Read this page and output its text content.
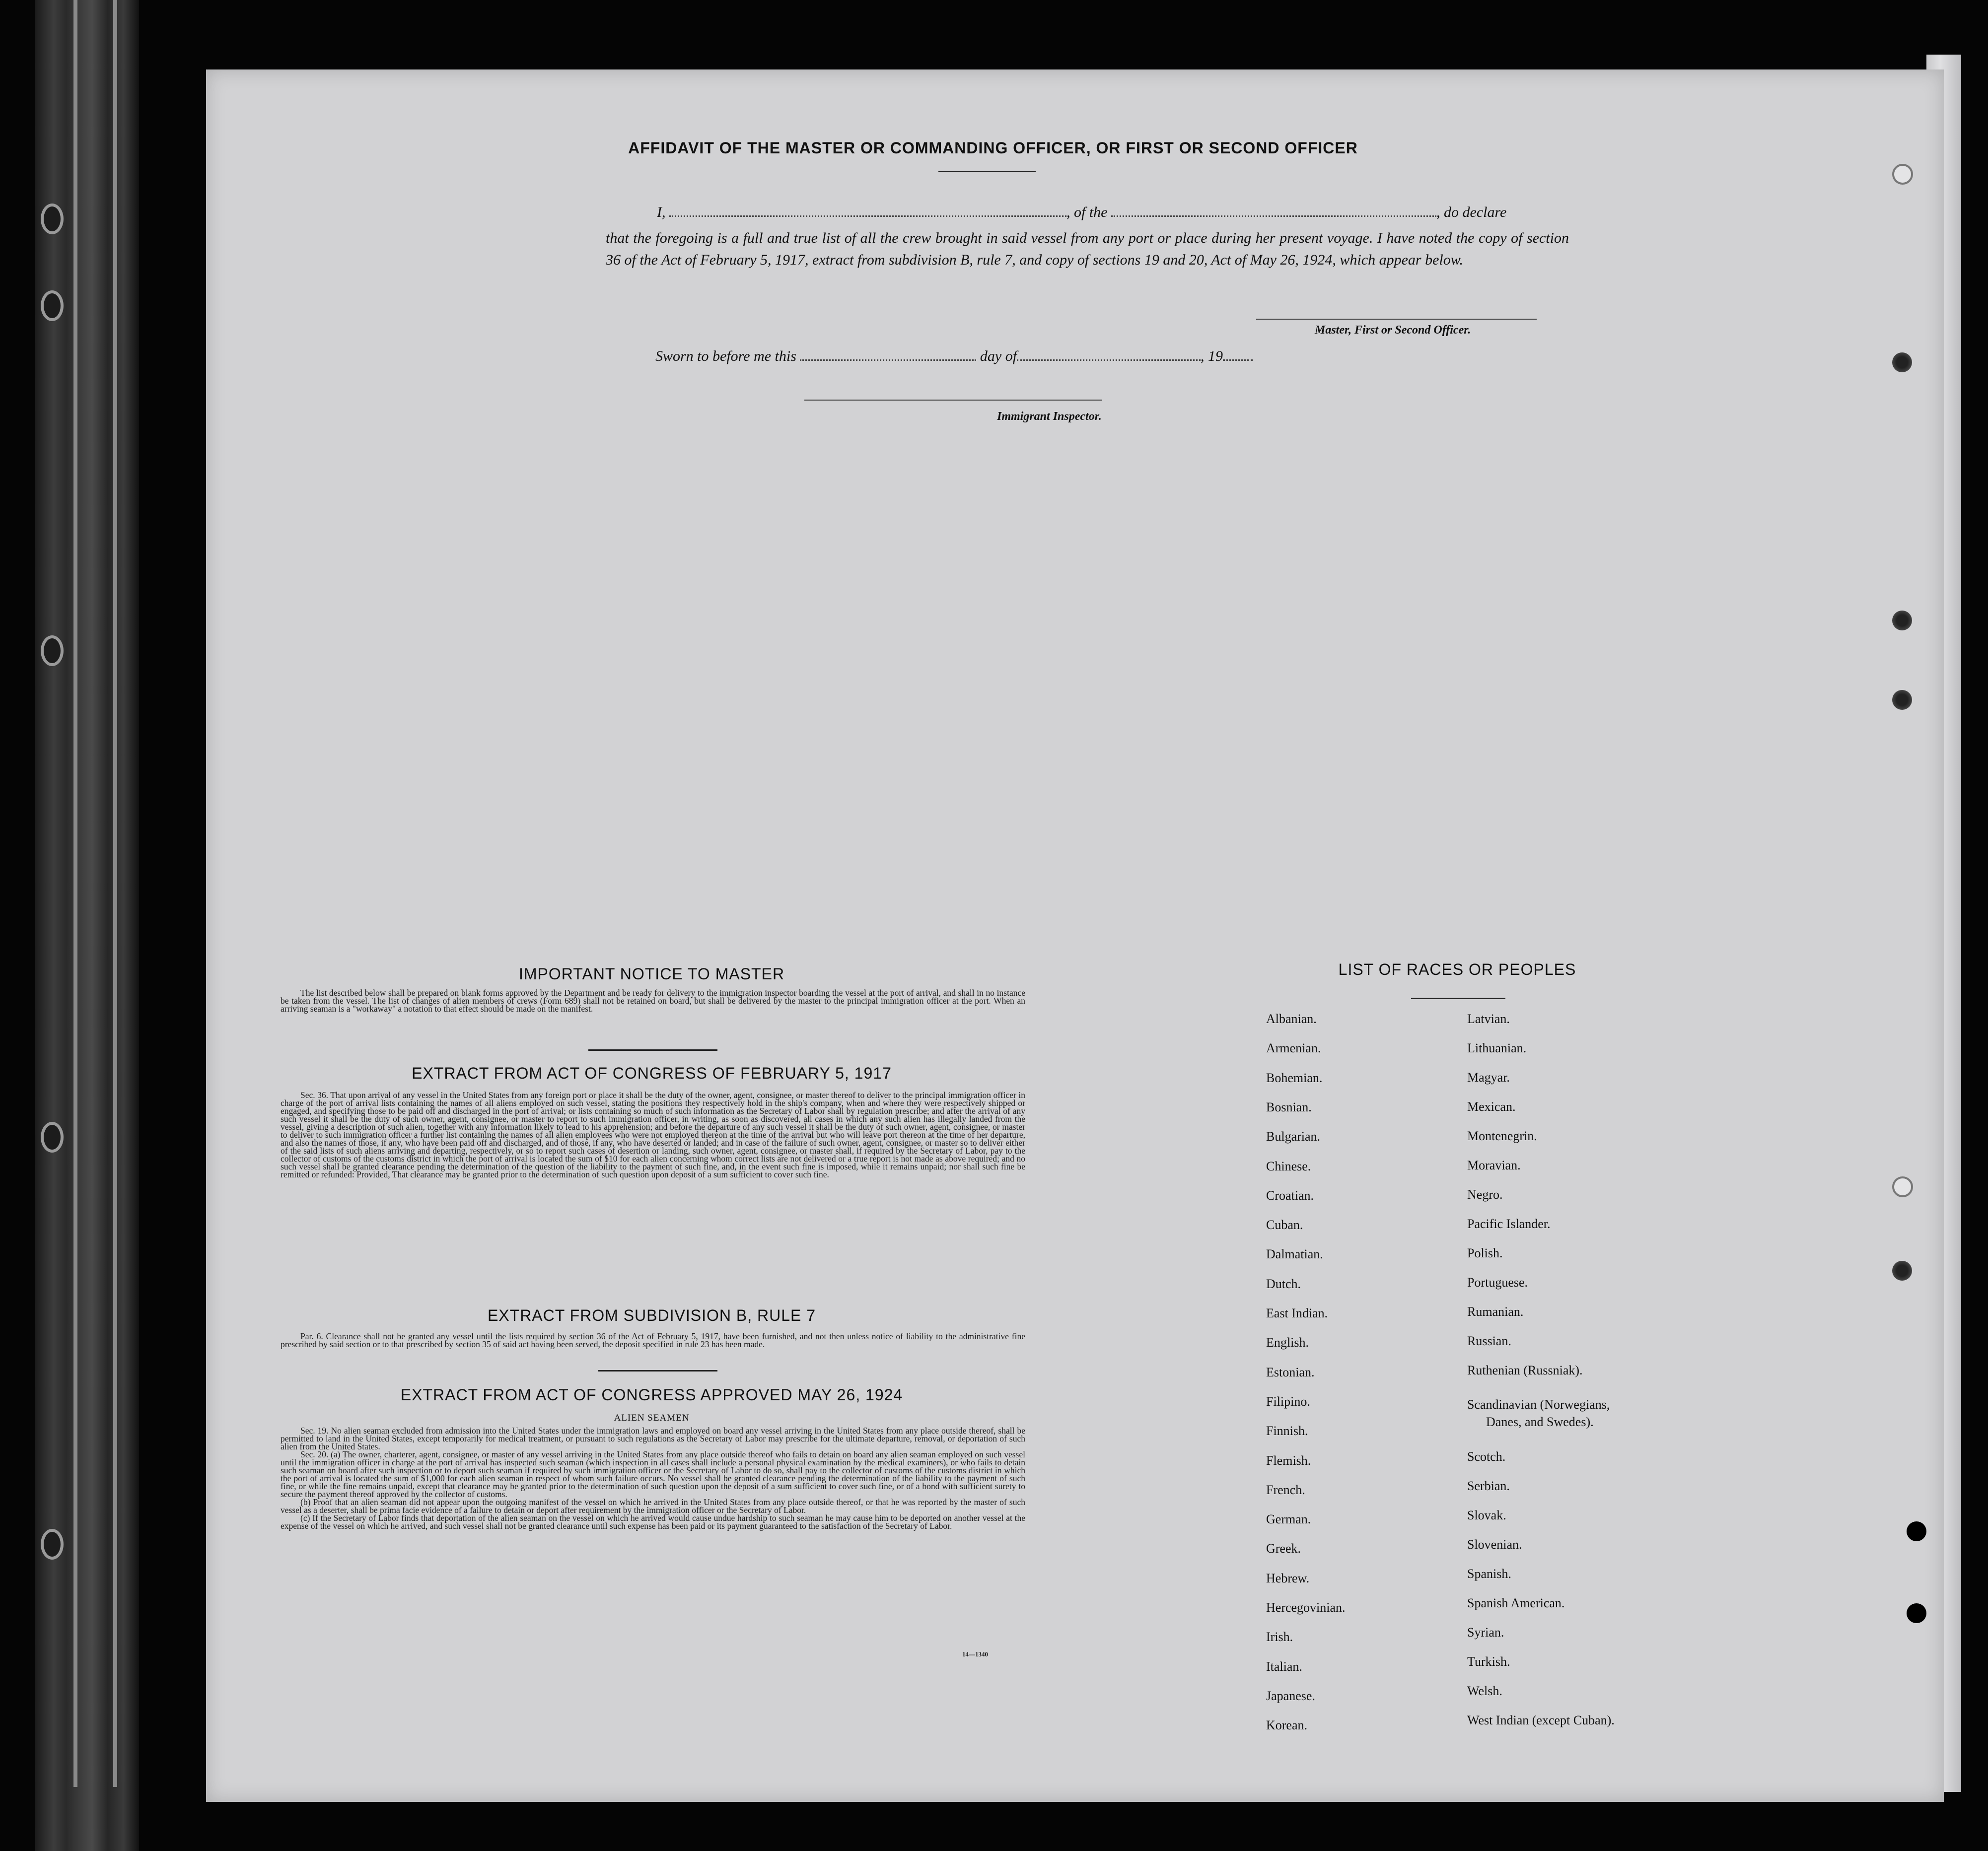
AFFIDAVIT OF THE MASTER OR COMMANDING OFFICER, OR FIRST OR SECOND OFFICER
I,	, of the	, do declare
that the foregoing is a full and true list of all the crew brought in said vessel from any port or place during her present voyage. I have noted the copy of section 36 of the Act of February 5, 1917, extract from subdivision B, rule 7, and copy of sections 19 and 20, Act of May 26, 1924, which appear below.
Master, First or Second Officer.
Sworn to before me this	day of	, 19
Immigrant Inspector.
IMPORTANT NOTICE TO MASTER

The list described below shall be prepared on blank forms approved by the Department and be ready for delivery to the immigration inspector boarding the vessel at the port of arrival, and shall in no instance be taken from the vessel. The list of changes of alien members of crews (Form 689) shall not be retained on board, but shall be delivered by the master to the principal immigration officer at the port. When an arriving seaman is a "workaway" a notation to that effect should be made on the manifest.

EXTRACT FROM ACT OF CONGRESS OF FEBRUARY 5, 1917

Sec. 36. That upon arrival of any vessel in the United States from any foreign port or place it shall be the duty of the owner, agent, consignee, or master thereof to deliver to the principal immigration officer in charge of the port of arrival lists containing the names of all aliens employed on such vessel, stating the positions they respectively hold in the ship's company, when and where they were respectively shipped or engaged, and specifying those to be paid off and discharged in the port of arrival; or lists containing so much of such information as the Secretary of Labor shall by regulation prescribe; and after the arrival of any such vessel it shall be the duty of such owner, agent, consignee, or master to report to such immigration officer, in writing, as soon as discovered, all cases in which any such alien has illegally landed from the vessel, giving a description of such alien, together with any information likely to lead to his apprehension; and before the departure of any such vessel it shall be the duty of such owner, agent, consignee, or master to deliver to such immigration officer a further list containing the names of all alien employees who were not employed thereon at the time of the arrival but who will leave port thereon at the time of her departure, and also the names of those, if any, who have been paid off and discharged, and of those, if any, who have deserted or landed; and in case of the failure of such owner, agent, consignee, or master so to deliver either of the said lists of such aliens arriving and departing, respectively, or so to report such cases of desertion or landing, such owner, agent, consignee, or master shall, if required by the Secretary of Labor, pay to the collector of customs of the customs district in which the port of arrival is located the sum of $10 for each alien concerning whom correct lists are not delivered or a true report is not made as above required; and no such vessel shall be granted clearance pending the determination of the question of the liability to the payment of such fine, and, in the event such fine is imposed, while it remains unpaid; nor shall such fine be remitted or refunded: Provided, That clearance may be granted prior to the determination of such question upon deposit of a sum sufficient to cover such fine.

EXTRACT FROM SUBDIVISION B, RULE 7

Par. 6. Clearance shall not be granted any vessel until the lists required by section 36 of the Act of February 5, 1917, have been furnished, and not then unless notice of liability to the administrative fine prescribed by said section or to that prescribed by section 35 of said act having been served, the deposit specified in rule 23 has been made.

EXTRACT FROM ACT OF CONGRESS APPROVED MAY 26, 1924
ALIEN SEAMEN

Sec. 19. No alien seaman excluded from admission into the United States under the immigration laws and employed on board any vessel arriving in the United States from any place outside thereof, shall be permitted to land in the United States, except temporarily for medical treatment, or pursuant to such regulations as the Secretary of Labor may prescribe for the ultimate departure, removal, or deportation of such alien from the United States.

Sec. 20. (a) The owner, charterer, agent, consignee, or master of any vessel arriving in the United States from any place outside thereof who fails to detain on board any alien seaman employed on such vessel until the immigration officer in charge at the port of arrival has inspected such seaman (which inspection in all cases shall include a personal physical examination by the medical examiners), or who fails to detain such seaman on board after such inspection or to deport such seaman if required by such immigration officer or the Secretary of Labor to do so, shall pay to the collector of customs of the customs district in which the port of arrival is located the sum of $1,000 for each alien seaman in respect of whom such failure occurs. No vessel shall be granted clearance pending the determination of the liability to the payment of such fine, or while the fine remains unpaid, except that clearance may be granted prior to the determination of such question upon the deposit of a sum sufficient to cover such fine, or of a bond with sufficient surety to secure the payment thereof approved by the collector of customs.

(b) Proof that an alien seaman did not appear upon the outgoing manifest of the vessel on which he arrived in the United States from any place outside thereof, or that he was reported by the master of such vessel as a deserter, shall be prima facie evidence of a failure to detain or deport after requirement by the immigration officer or the Secretary of Labor.

(c) If the Secretary of Labor finds that deportation of the alien seaman on the vessel on which he arrived would cause undue hardship to such seaman he may cause him to be deported on another vessel at the expense of the vessel on which he arrived, and such vessel shall not be granted clearance until such expense has been paid or its payment guaranteed to the satisfaction of the Secretary of Labor.

14—1340
LIST OF RACES OR PEOPLES
Albanian.
Armenian.
Bohemian.
Bosnian.
Bulgarian.
Chinese.
Croatian.
Cuban.
Dalmatian.
Dutch.
East Indian.
English.
Estonian.
Filipino.
Finnish.
Flemish.
French.
German.
Greek.
Hebrew.
Hercegovinian.
Irish.
Italian.
Japanese.
Korean.
Latvian.
Lithuanian.
Magyar.
Mexican.
Montenegrin.
Moravian.
Negro.
Pacific Islander.
Polish.
Portuguese.
Rumanian.
Russian.
Ruthenian (Russniak).
Scandinavian (Norwegians,
Danes, and Swedes).
Scotch.
Serbian.
Slovak.
Slovenian.
Spanish.
Spanish American.
Syrian.
Turkish.
Welsh.
West Indian (except Cuban).
